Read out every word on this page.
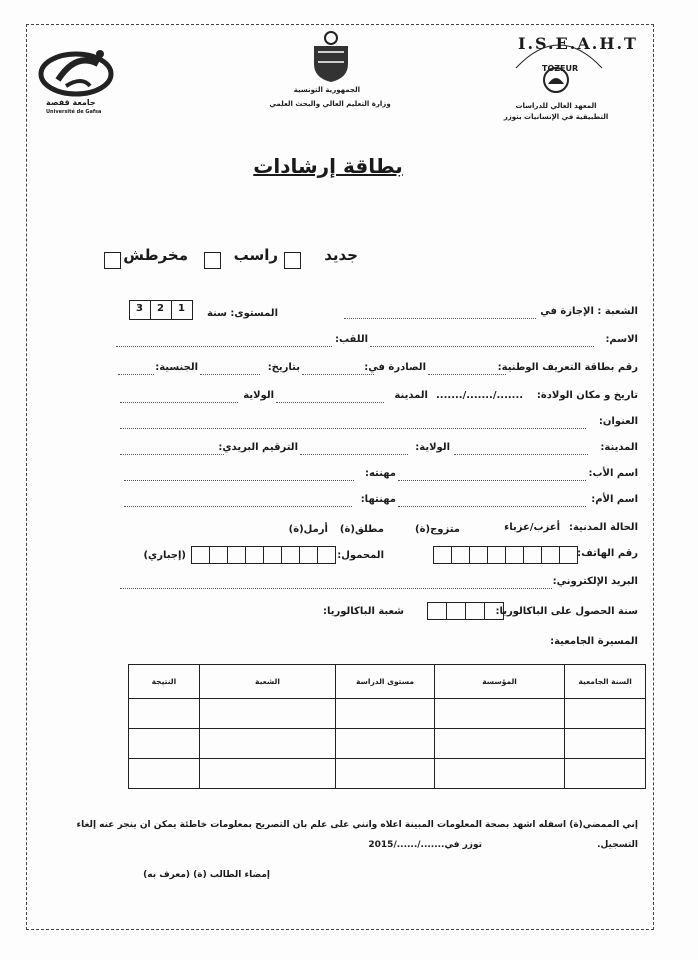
جامعة قفصة
Université de Gafsa
الجمهورية التونسية
وزارة التعليم العالي والبحث العلمي
I.S.E.A.H.T
TOZEUR
المعهد العالي للدراسات
التطبيقية في الإنسانيات بتوزر
بطاقة إرشادات
جديد
راسب
مخرطش
الشعبة : الإجازة في
المستوى: سنة
3 2 1
الاسم:
اللقب:
رقم بطاقة التعريف الوطنية:
الصادرة في:
بتاريخ:
الجنسية:
تاريخ و مكان الولادة:
......./......./.......
المدينة
الولاية
العنوان:
المدينة:
الولاية:
الترقيم البريدي:
اسم الأب:
مهنته:
اسم الأم:
مهنتها:
الحالة المدنية:
أعزب/عزباء
متزوج(ة)
مطلق(ة)
أرمل(ة)
رقم الهاتف:
المحمول:
(إجباري)
البريد الإلكتروني:
سنة الحصول على الباكالوريا:
شعبة الباكالوريا:
المسيرة الجامعية:
السنة الجامعية	المؤسسة	مستوى الدراسة	الشعبة	النتيجة

إني الممضي(ة) أسفله أشهد بصحة المعلومات المبينة أعلاه وأنني على علم بأن التصريح بمعلومات خاطئة يمكن أن ينجر عنه إلغاء
التسجيل.
توزر في......./....../2015
إمضاء الطالب (ة) (معرف به)
